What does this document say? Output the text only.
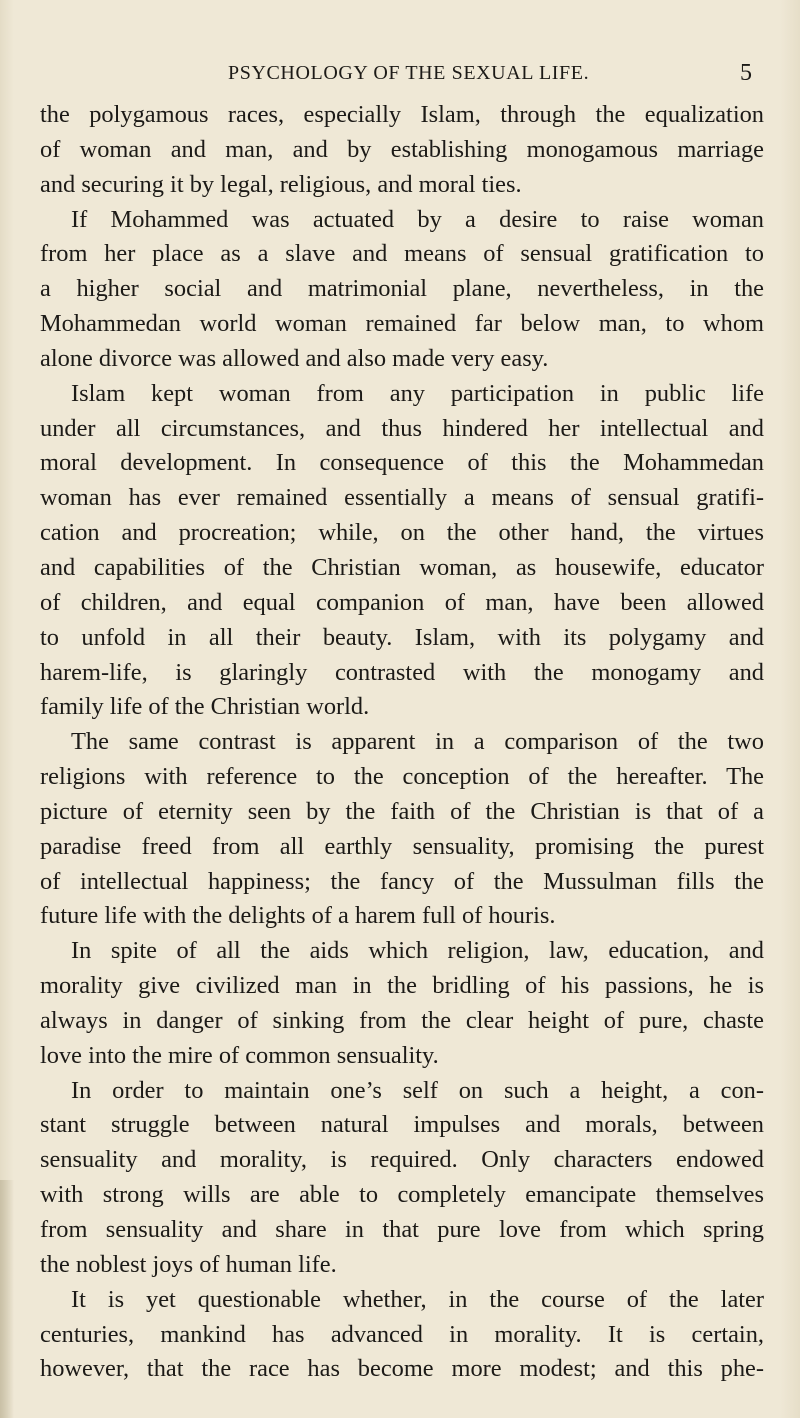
PSYCHOLOGY OF THE SEXUAL LIFE.	5
the polygamous races, especially Islam, through the equalization
of woman and man, and by establishing monogamous marriage
and securing it by legal, religious, and moral ties.
If Mohammed was actuated by a desire to raise woman
from her place as a slave and means of sensual gratification to
a higher social and matrimonial plane, nevertheless, in the
Mohammedan world woman remained far below man, to whom
alone divorce was allowed and also made very easy.
Islam kept woman from any participation in public life
under all circumstances, and thus hindered her intellectual and
moral development. In consequence of this the Mohammedan
woman has ever remained essentially a means of sensual gratifi-
cation and procreation; while, on the other hand, the virtues
and capabilities of the Christian woman, as housewife, educator
of children, and equal companion of man, have been allowed
to unfold in all their beauty. Islam, with its polygamy and
harem-life, is glaringly contrasted with the monogamy and
family life of the Christian world.
The same contrast is apparent in a comparison of the two
religions with reference to the conception of the hereafter. The
picture of eternity seen by the faith of the Christian is that of a
paradise freed from all earthly sensuality, promising the purest
of intellectual happiness; the fancy of the Mussulman fills the
future life with the delights of a harem full of houris.
In spite of all the aids which religion, law, education, and
morality give civilized man in the bridling of his passions, he is
always in danger of sinking from the clear height of pure, chaste
love into the mire of common sensuality.
In order to maintain one’s self on such a height, a con-
stant struggle between natural impulses and morals, between
sensuality and morality, is required. Only characters endowed
with strong wills are able to completely emancipate themselves
from sensuality and share in that pure love from which spring
the noblest joys of human life.
It is yet questionable whether, in the course of the later
centuries, mankind has advanced in morality. It is certain,
however, that the race has become more modest; and this phe-
